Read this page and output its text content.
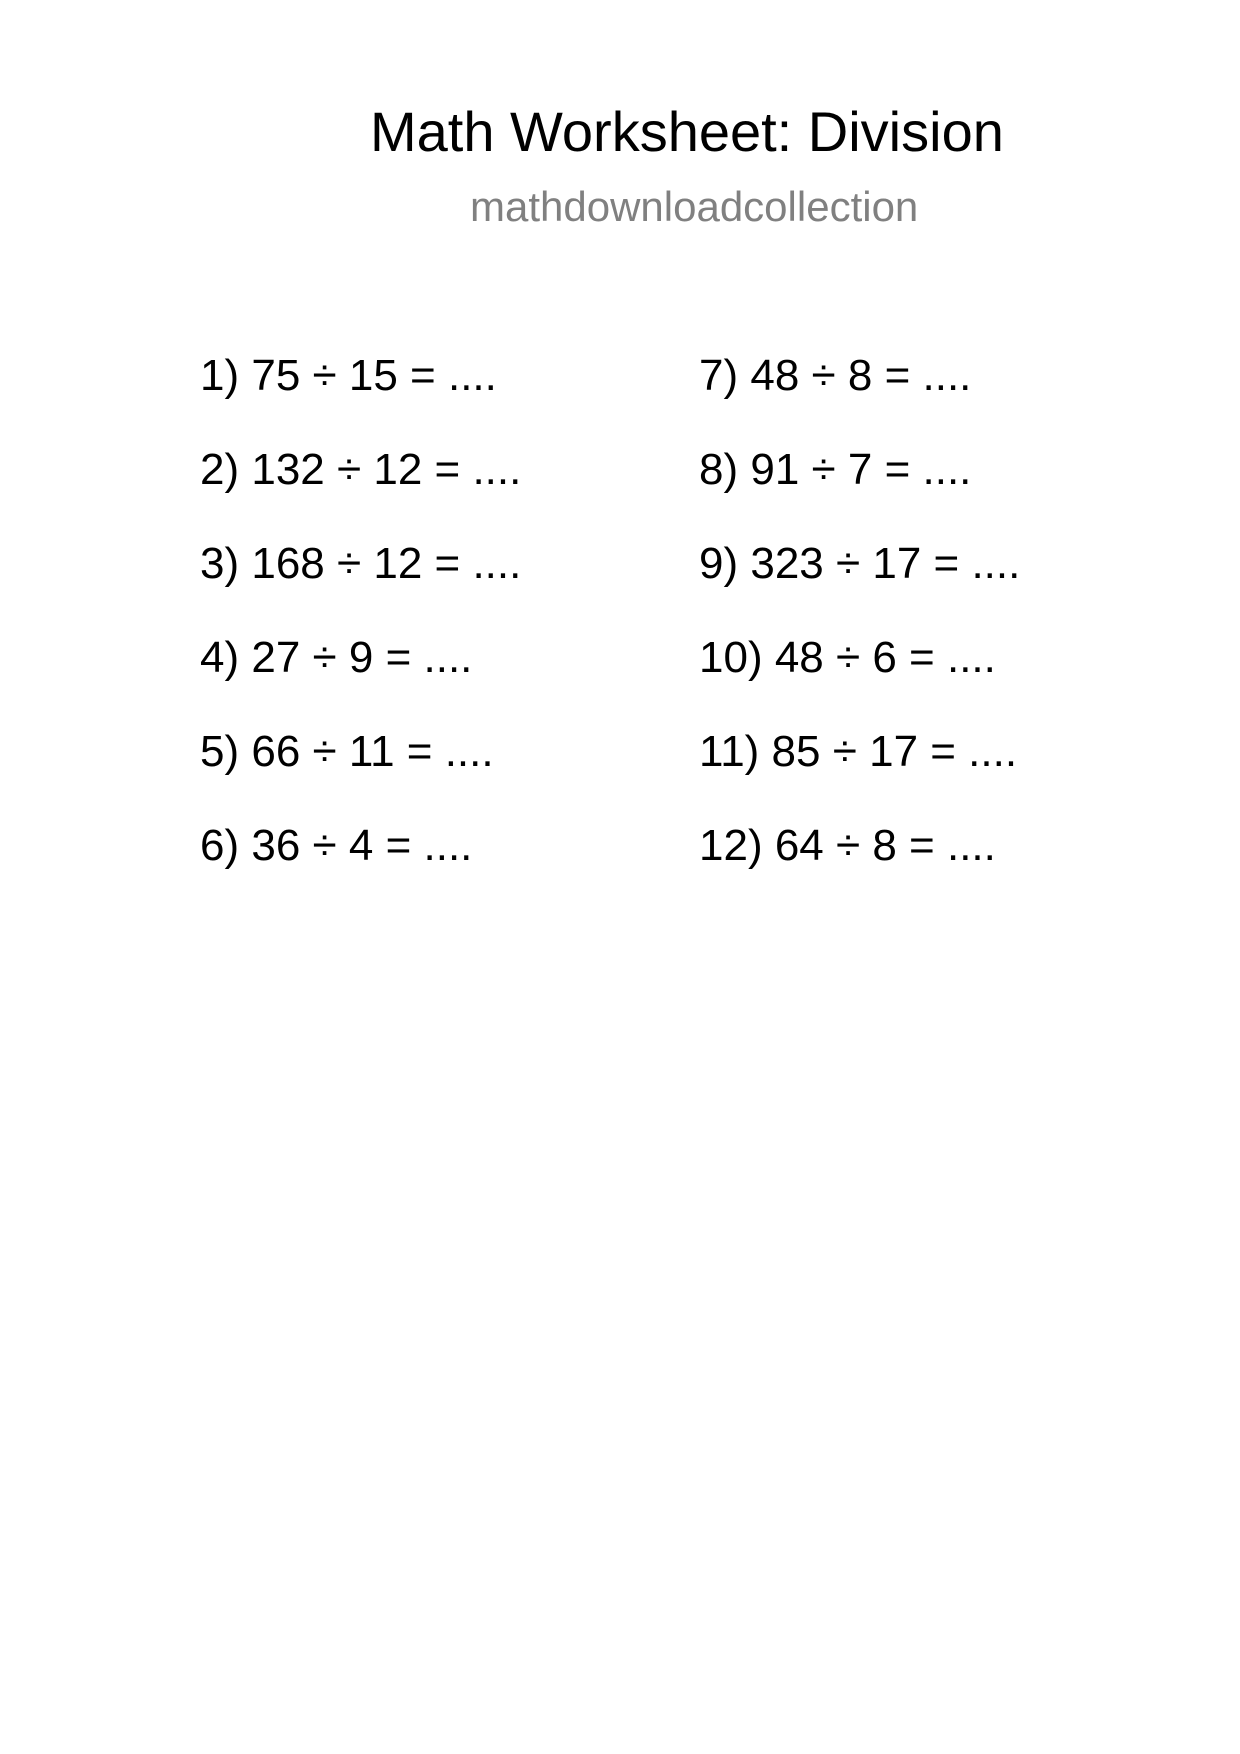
Math Worksheet: Division
mathdownloadcollection
1) 75 ÷ 15 = ....
2) 132 ÷ 12 = ....
3) 168 ÷ 12 = ....
4) 27 ÷ 9 = ....
5) 66 ÷ 11 = ....
6) 36 ÷ 4 = ....
7) 48 ÷ 8 = ....
8) 91 ÷ 7 = ....
9) 323 ÷ 17 = ....
10) 48 ÷ 6 = ....
11) 85 ÷ 17 = ....
12) 64 ÷ 8 = ....
